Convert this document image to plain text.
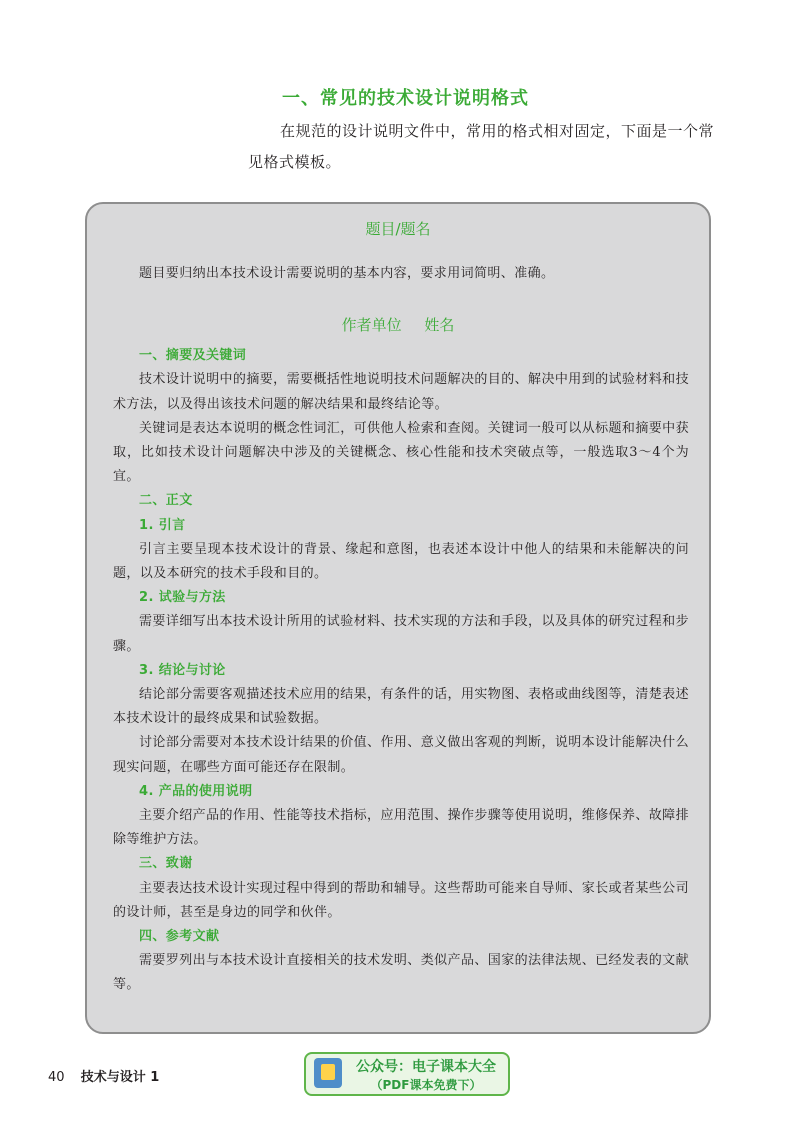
一、常见的技术设计说明格式
在规范的设计说明文件中，常用的格式相对固定，下面是一个常见格式模板。
题目/题名
作者单位 姓名

题目要归纳出本技术设计需要说明的基本内容，要求用词简明、准确。

一、摘要及关键词

技术设计说明中的摘要，需要概括性地说明技术问题解决的目的、解决中用到的试验材料和技术方法，以及得出该技术问题的解决结果和最终结论等。

关键词是表达本说明的概念性词汇，可供他人检索和查阅。关键词一般可以从标题和摘要中获取，比如技术设计问题解决中涉及的关键概念、核心性能和技术突破点等，一般选取3～4个为宜。

二、正文
1. 引言

引言主要呈现本技术设计的背景、缘起和意图，也表述本设计中他人的结果和未能解决的问题，以及本研究的技术手段和目的。

2. 试验与方法

需要详细写出本技术设计所用的试验材料、技术实现的方法和手段，以及具体的研究过程和步骤。

3. 结论与讨论

结论部分需要客观描述技术应用的结果，有条件的话，用实物图、表格或曲线图等，清楚表述本技术设计的最终成果和试验数据。

讨论部分需要对本技术设计结果的价值、作用、意义做出客观的判断，说明本设计能解决什么现实问题，在哪些方面可能还存在限制。

4. 产品的使用说明

主要介绍产品的作用、性能等技术指标，应用范围、操作步骤等使用说明，维修保养、故障排除等维护方法。

三、致谢

主要表达技术设计实现过程中得到的帮助和辅导。这些帮助可能来自导师、家长或者某些公司的设计师，甚至是身边的同学和伙伴。

四、参考文献

需要罗列出与本技术设计直接相关的技术发明、类似产品、国家的法律法规、已经发表的文献等。

40 技术与设计 1
公众号：电子课本大全
（PDF课本免费下）
